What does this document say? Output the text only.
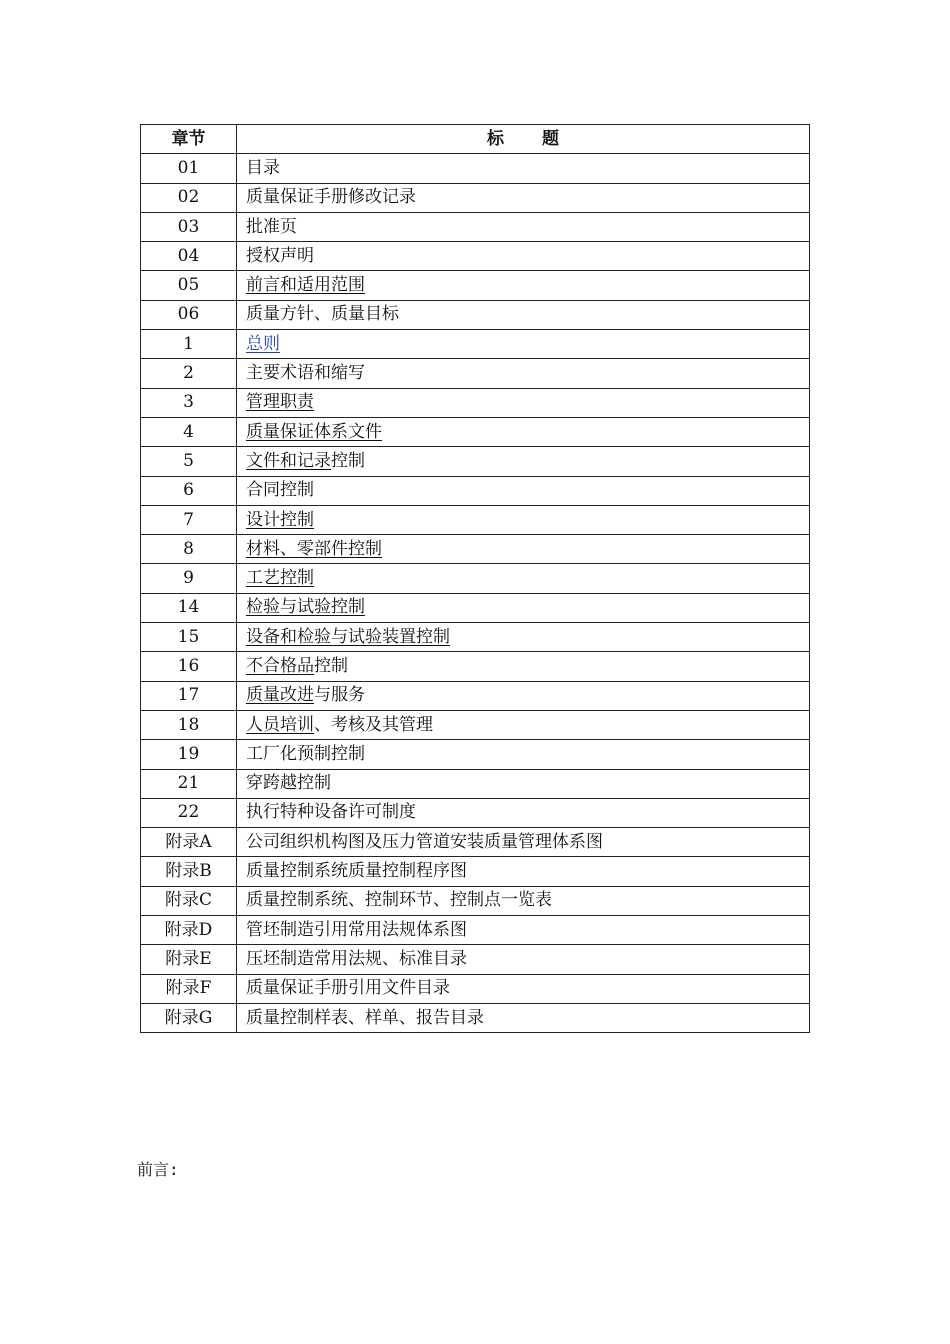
章节	标 题
01	目录
02	质量保证手册修改记录
03	批准页
04	授权声明
05	前言和适用范围
06	质量方针、质量目标
1	总则
2	主要术语和缩写
3	管理职责
4	质量保证体系文件
5	文件和记录控制
6	合同控制
7	设计控制
8	材料、零部件控制
9	工艺控制
14	检验与试验控制
15	设备和检验与试验装置控制
16	不合格品控制
17	质量改进与服务
18	人员培训、考核及其管理
19	工厂化预制控制
21	穿跨越控制
22	执行特种设备许可制度
附录A	公司组织机构图及压力管道安装质量管理体系图
附录B	质量控制系统质量控制程序图
附录C	质量控制系统、控制环节、控制点一览表
附录D	管坯制造引用常用法规体系图
附录E	压坯制造常用法规、标准目录
附录F	质量保证手册引用文件目录
附录G	质量控制样表、样单、报告目录
前言:
